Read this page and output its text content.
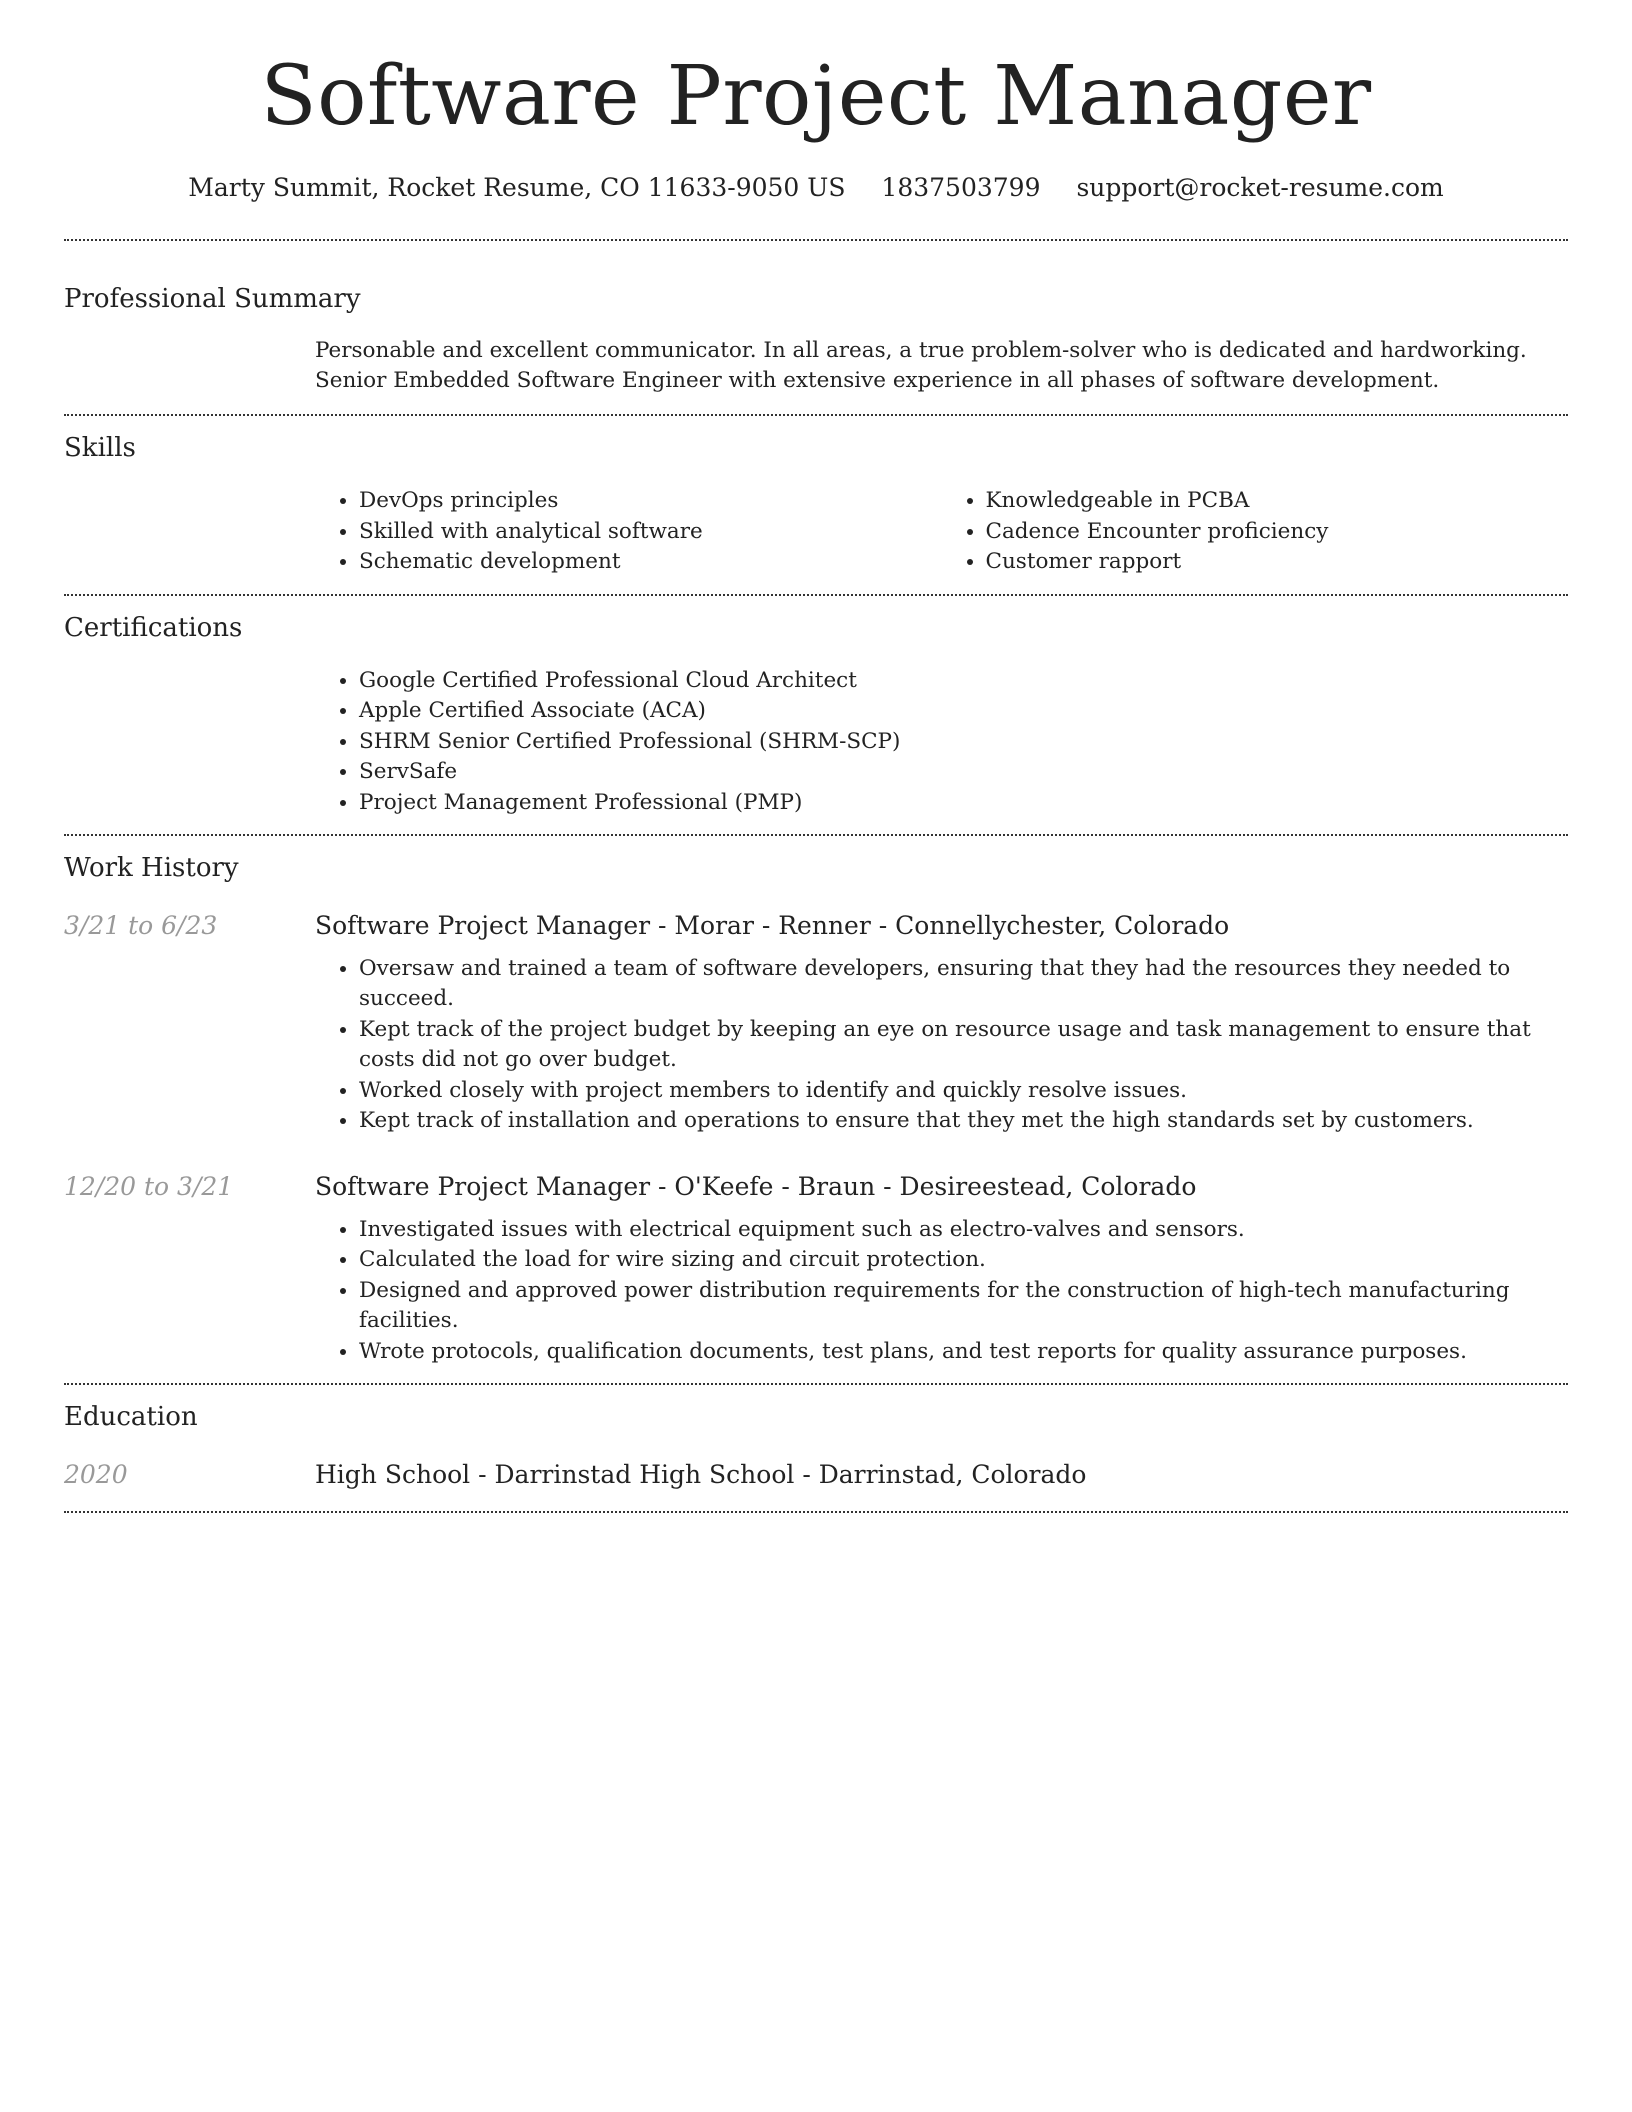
Software Project Manager
Marty Summit, Rocket Resume, CO 11633-9050 US 1837503799 support@rocket-resume.com
Professional Summary
Personable and excellent communicator. In all areas, a true problem-solver who is dedicated and hardworking. Senior Embedded Software Engineer with extensive experience in all phases of software development.
Skills
• DevOps principles
• Skilled with analytical software
• Schematic development
• Knowledgeable in PCBA
• Cadence Encounter proficiency
• Customer rapport
Certifications
• Google Certified Professional Cloud Architect
• Apple Certified Associate (ACA)
• SHRM Senior Certified Professional (SHRM-SCP)
• ServSafe
• Project Management Professional (PMP)
Work History
3/21 to 6/23	Software Project Manager - Morar - Renner - Connellychester, Colorado
• Oversaw and trained a team of software developers, ensuring that they had the resources they needed to succeed.
• Kept track of the project budget by keeping an eye on resource usage and task management to ensure that costs did not go over budget.
• Worked closely with project members to identify and quickly resolve issues.
• Kept track of installation and operations to ensure that they met the high standards set by customers.
12/20 to 3/21	Software Project Manager - O'Keefe - Braun - Desireestead, Colorado
• Investigated issues with electrical equipment such as electro-valves and sensors.
• Calculated the load for wire sizing and circuit protection.
• Designed and approved power distribution requirements for the construction of high-tech manufacturing facilities.
• Wrote protocols, qualification documents, test plans, and test reports for quality assurance purposes.
Education
2020	High School - Darrinstad High School - Darrinstad, Colorado
